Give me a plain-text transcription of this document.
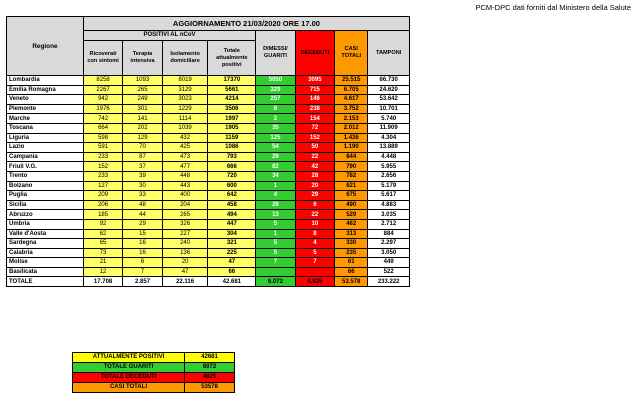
PCM-DPC dati forniti dal Ministero della Salute
Regione	AGGIORNAMENTO 21/03/2020 ORE 17.00							
	POSITIVI AL nCoV				DIMESSI/ GUARITI	DECEDUTI	CASI TOTALI	TAMPONI
	Ricoverati con sintomi	Terapia intensiva	Isolamento domiciliare	Totale attualmente positivi				
Lombardia	8258	1093	8019	17370	5050	3095	25.515	66.730
Emilia Romagna	2267	265	3129	5661	329	715	6.705	24.620
Veneto	942	249	3023	4214	257	146	4.617	53.642
Piemonte	1976	301	1229	3506	8	238	3.752	10.701
Marche	742	141	1114	1997	2	154	2.153	5.740
Toscana	664	202	1039	1905	35	72	2.012	11.909
Liguria	598	129	432	1159	125	152	1.436	4.304
Lazio	591	70	425	1086	54	50	1.190	13.889
Campania	233	87	473	793	29	22	844	4.448
Friuli V.G.	152	37	477	666	82	42	790	5.955
Trento	233	39	448	720	34	28	782	2.656
Bolzano	127	30	443	600	1	20	621	5.179
Puglia	209	33	400	642	4	29	675	5.617
Sicilia	206	48	204	458	26	6	490	4.883
Abruzzo	185	44	265	494	13	22	529	3.035
Umbria	92	29	326	447	5	10	462	2.712
Valle d'Aosta	62	15	227	304	1	8	313	884
Sardegna	65	16	240	321	5	4	330	2.297
Calabria	73	16	136	225	5	5	235	3.050
Molise	21	6	20	47	7	7	61	449
Basilicata	12	7	47	66			66	522
TOTALE	17.708	2.857	22.116	42.681	6.072	4.825	53.578	233.222
ATTUALMENTE POSITIVI	42681
TOTALE GUARITI	6072
TOTALE DECEDUTI	4825
CASI TOTALI	53578
